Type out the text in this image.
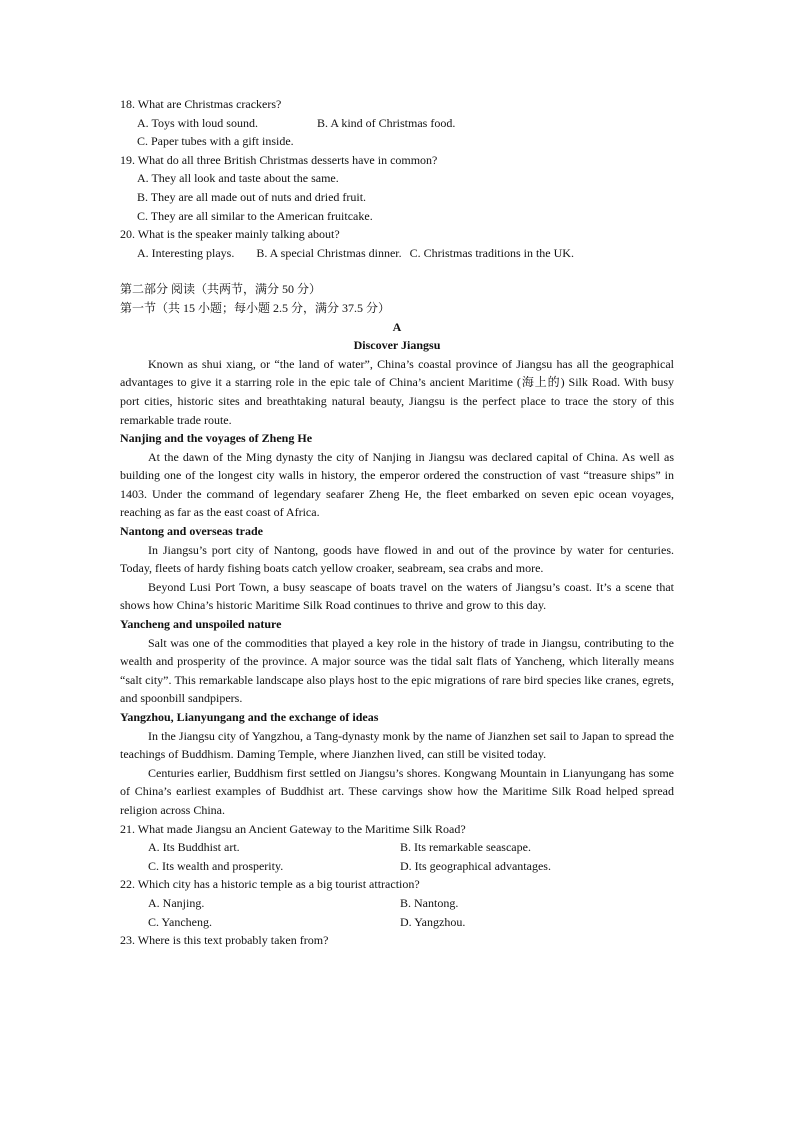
18. What are Christmas crackers?
A. Toys with loud sound.	B. A kind of Christmas food.
C. Paper tubes with a gift inside.
19. What do all three British Christmas desserts have in common?
A. They all look and taste about the same.
B. They are all made out of nuts and dried fruit.
C. They are all similar to the American fruitcake.
20. What is the speaker mainly talking about?
A. Interesting plays. B. A special Christmas dinner. C. Christmas traditions in the UK.
第二部分 阅读（共两节，满分 50 分）
第一节（共 15 小题；每小题 2.5 分，满分 37.5 分）
A
Discover Jiangsu
Known as shui xiang, or “the land of water”, China’s coastal province of Jiangsu has all the geographical advantages to give it a starring role in the epic tale of China’s ancient Maritime (海上的) Silk Road. With busy port cities, historic sites and breathtaking natural beauty, Jiangsu is the perfect place to trace the story of this remarkable trade route.
Nanjing and the voyages of Zheng He
At the dawn of the Ming dynasty the city of Nanjing in Jiangsu was declared capital of China. As well as building one of the longest city walls in history, the emperor ordered the construction of vast “treasure ships” in 1403. Under the command of legendary seafarer Zheng He, the fleet embarked on seven epic ocean voyages, reaching as far as the east coast of Africa.
Nantong and overseas trade
In Jiangsu’s port city of Nantong, goods have flowed in and out of the province by water for centuries. Today, fleets of hardy fishing boats catch yellow croaker, seabream, sea crabs and more.
Beyond Lusi Port Town, a busy seascape of boats travel on the waters of Jiangsu’s coast. It’s a scene that shows how China’s historic Maritime Silk Road continues to thrive and grow to this day.
Yancheng and unspoiled nature
Salt was one of the commodities that played a key role in the history of trade in Jiangsu, contributing to the wealth and prosperity of the province. A major source was the tidal salt flats of Yancheng, which literally means “salt city”. This remarkable landscape also plays host to the epic migrations of rare bird species like cranes, egrets, and spoonbill sandpipers.
Yangzhou, Lianyungang and the exchange of ideas
In the Jiangsu city of Yangzhou, a Tang-dynasty monk by the name of Jianzhen set sail to Japan to spread the teachings of Buddhism. Daming Temple, where Jianzhen lived, can still be visited today.
Centuries earlier, Buddhism first settled on Jiangsu’s shores. Kongwang Mountain in Lianyungang has some of China’s earliest examples of Buddhist art. These carvings show how the Maritime Silk Road helped spread religion across China.
21. What made Jiangsu an Ancient Gateway to the Maritime Silk Road?
A. Its Buddhist art.	B. Its remarkable seascape.
C. Its wealth and prosperity.	D. Its geographical advantages.
22. Which city has a historic temple as a big tourist attraction?
A. Nanjing.	B. Nantong.
C. Yancheng.	D. Yangzhou.
23. Where is this text probably taken from?
